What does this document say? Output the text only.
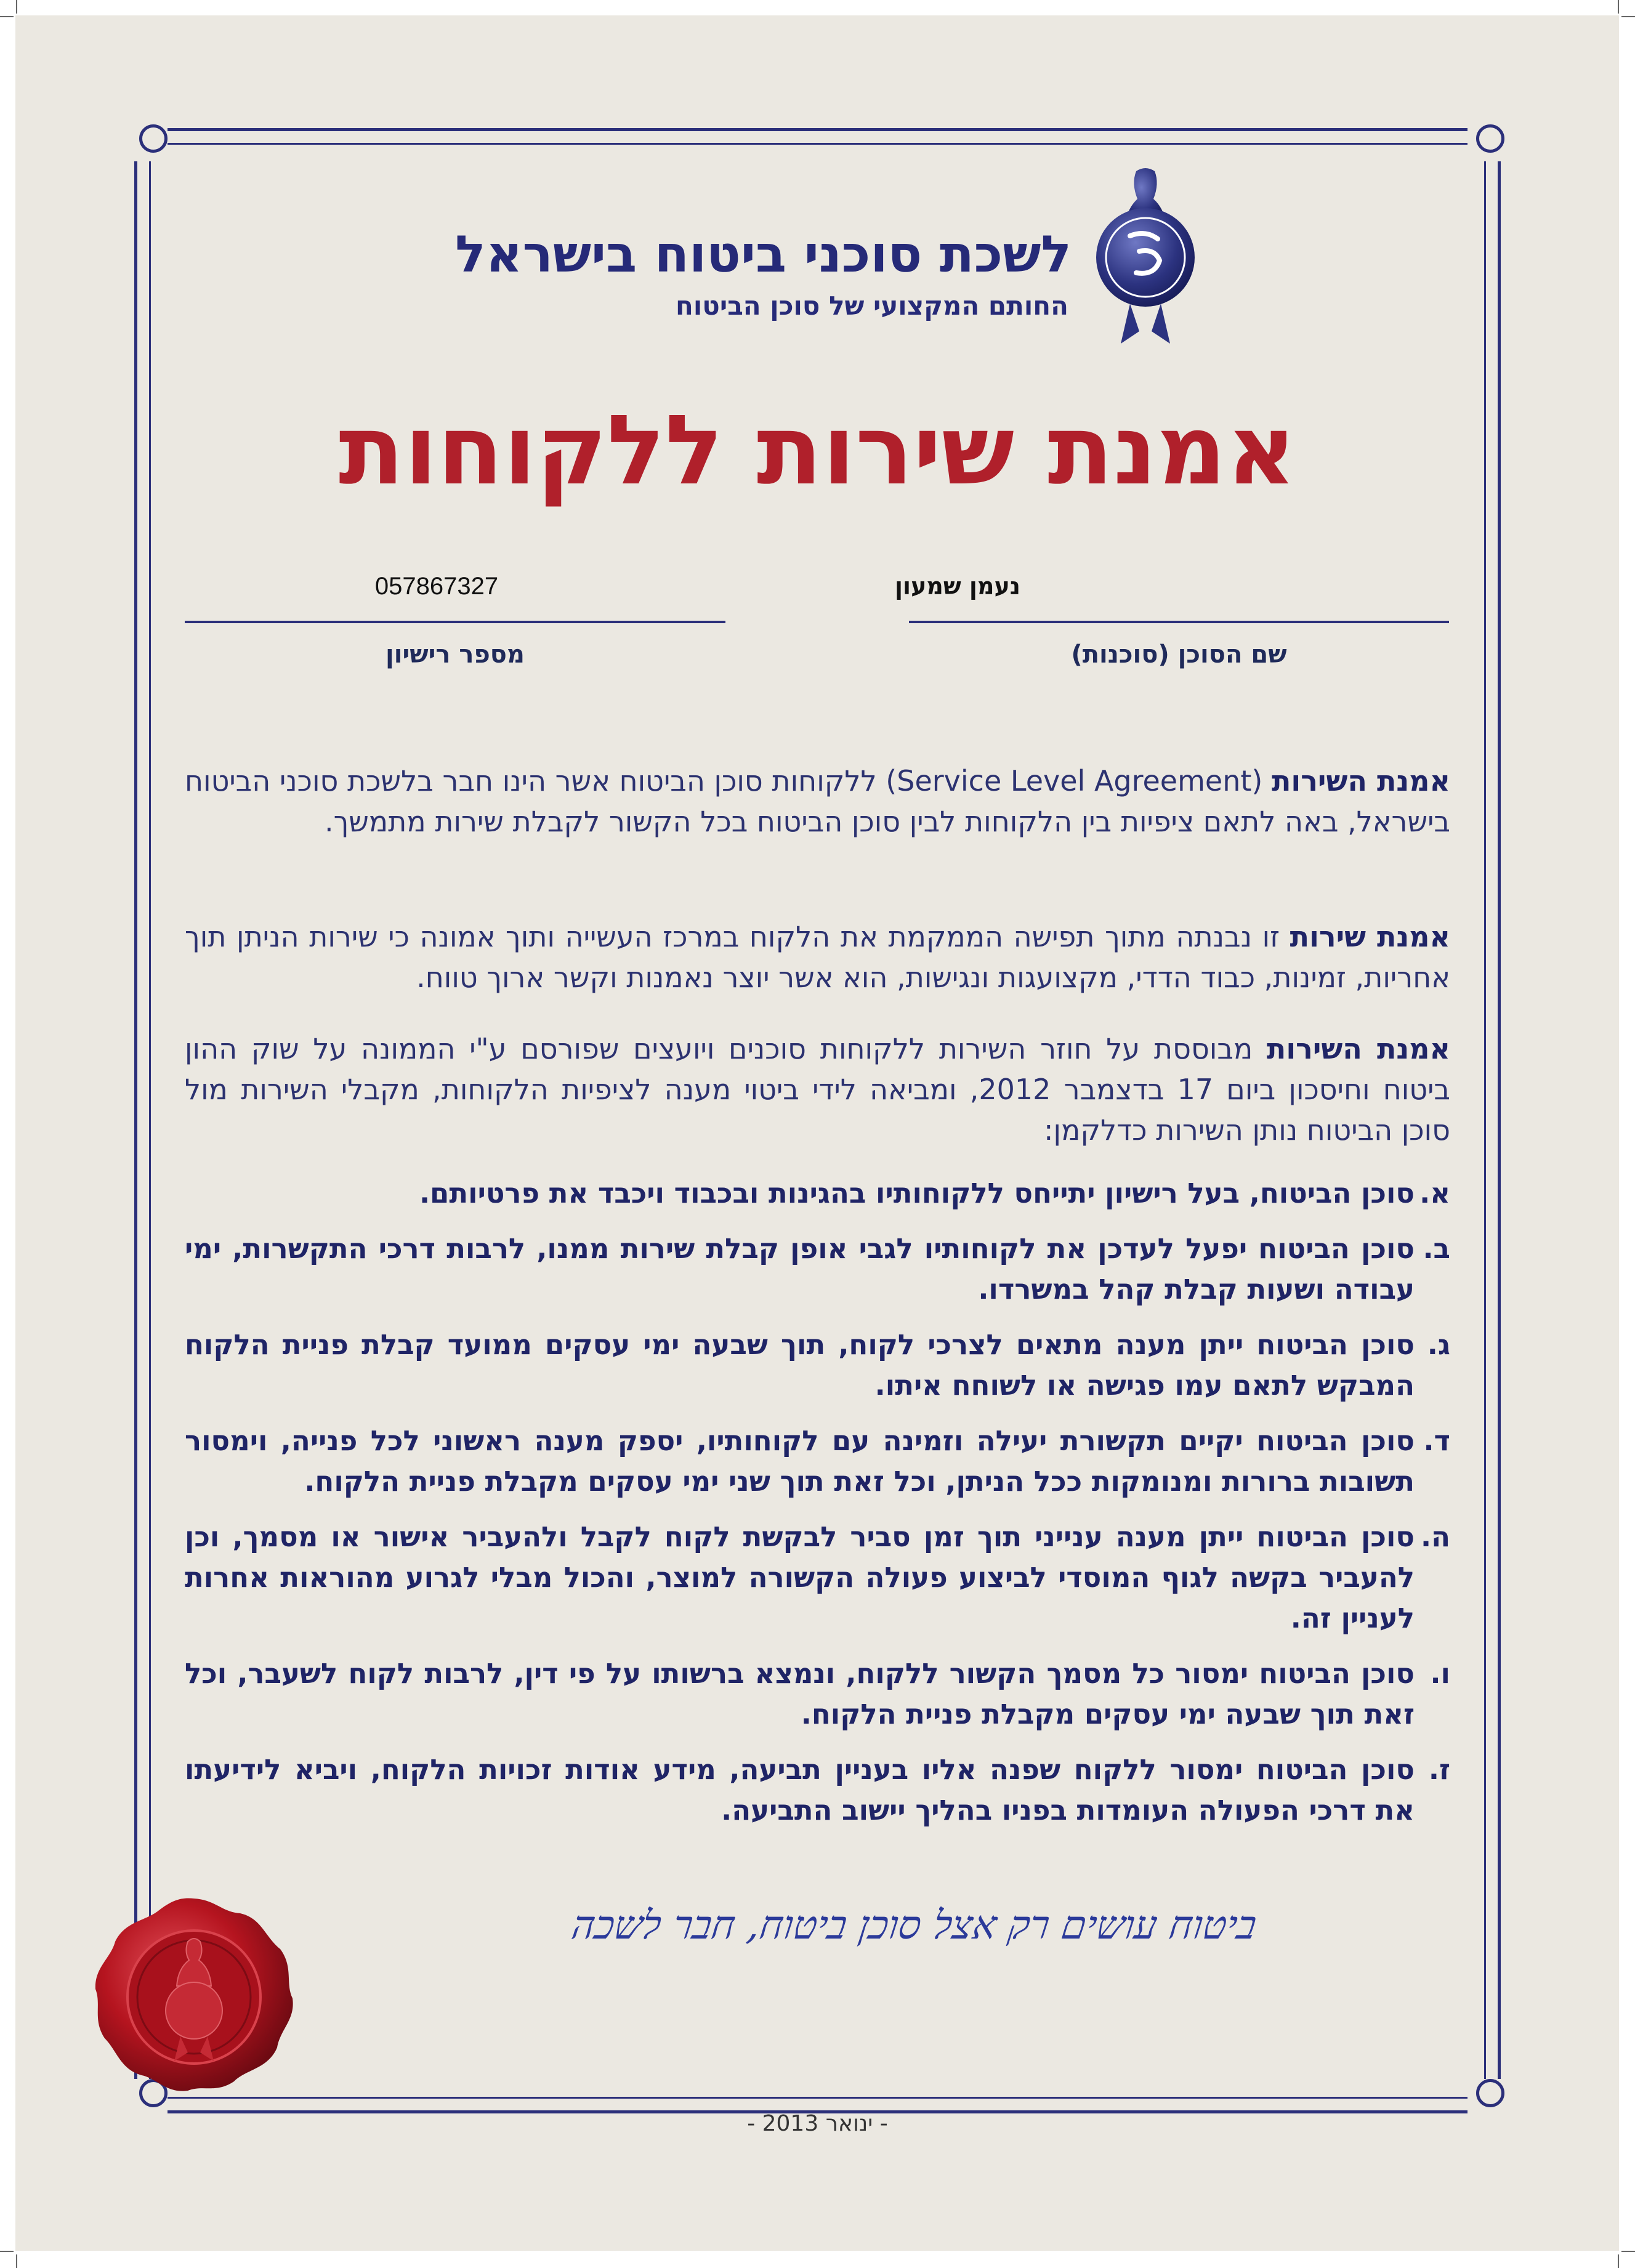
לשכת סוכני ביטוח בישראל
החותם המקצועי של סוכן הביטוח
אמנת שירות ללקוחות
נעמן שמעון
שם הסוכן (סוכנות)
057867327
מספר רישיון
אמנת השירות (Service Level Agreement) ללקוחות סוכן הביטוח אשר הינו חבר בלשכת סוכני הביטוח בישראל, באה לתאם ציפיות בין הלקוחות לבין סוכן הביטוח בכל הקשור לקבלת שירות מתמשך.
אמנת שירות זו נבנתה מתוך תפישה הממקמת את הלקוח במרכז העשייה ותוך אמונה כי שירות הניתן תוך אחריות, זמינות, כבוד הדדי, מקצועגות ונגישות, הוא אשר יוצר נאמנות וקשר ארוך טווח.
אמנת השירות מבוססת על חוזר השירות ללקוחות סוכנים ויועצים שפורסם ע"י הממונה על שוק ההון ביטוח וחיסכון ביום 17 בדצמבר 2012, ומביאה לידי ביטוי מענה לציפיות הלקוחות, מקבלי השירות מול סוכן הביטוח נותן השירות כדלקמן:
א.
סוכן הביטוח, בעל רישיון יתייחס ללקוחותיו בהגינות ובכבוד ויכבד את פרטיותם.
ב.
סוכן הביטוח יפעל לעדכן את לקוחותיו לגבי אופן קבלת שירות ממנו, לרבות דרכי התקשרות, ימי עבודה ושעות קבלת קהל במשרדו.
ג.
סוכן הביטוח ייתן מענה מתאים לצרכי לקוח, תוך שבעה ימי עסקים ממועד קבלת פניית הלקוח המבקש לתאם עמו פגישה או לשוחח איתו.
ד.
סוכן הביטוח יקיים תקשורת יעילה וזמינה עם לקוחותיו, יספק מענה ראשוני לכל פנייה, וימסור תשובות ברורות ומנומקות ככל הניתן, וכל זאת תוך שני ימי עסקים מקבלת פניית הלקוח.
ה.
סוכן הביטוח ייתן מענה ענייני תוך זמן סביר לבקשת לקוח לקבל ולהעביר אישור או מסמך, וכן להעביר בקשה לגוף המוסדי לביצוע פעולה הקשורה למוצר, והכול מבלי לגרוע מהוראות אחרות לעניין זה.
ו.
סוכן הביטוח ימסור כל מסמך הקשור ללקוח, ונמצא ברשותו על פי דין, לרבות לקוח לשעבר, וכל זאת תוך שבעה ימי עסקים מקבלת פניית הלקוח.
ז.
סוכן הביטוח ימסור ללקוח שפנה אליו בעניין תביעה, מידע אודות זכויות הלקוח, ויביא לידיעתו את דרכי הפעולה העומדות בפניו בהליך יישוב התביעה.
ביטוח עושים רק אצל סוכן ביטוח, חבר לשכה
- ינואר 2013 -
